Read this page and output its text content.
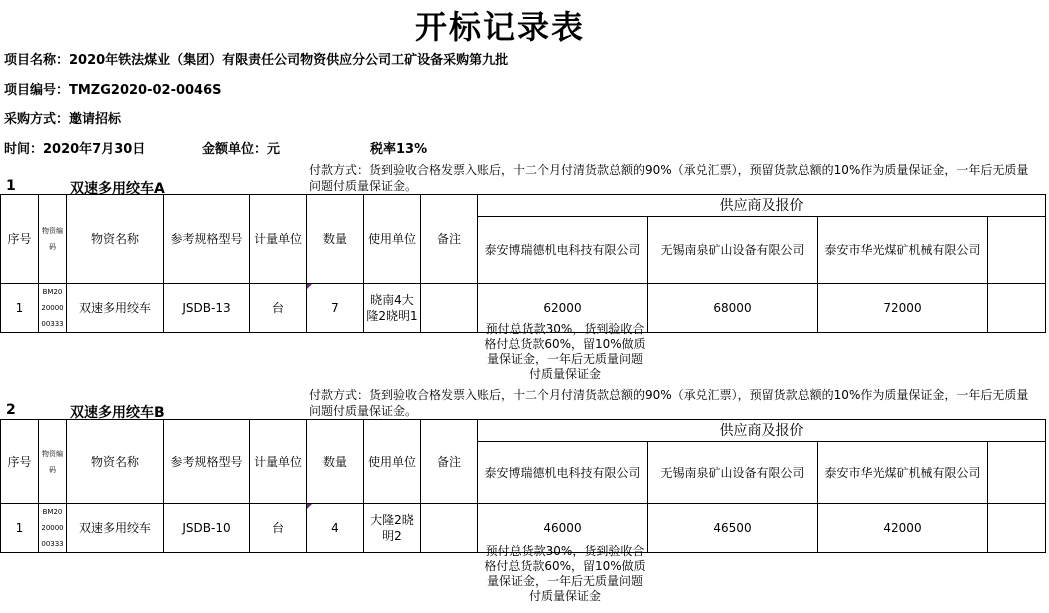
开标记录表
项目名称：2020年铁法煤业（集团）有限责任公司物资供应分公司工矿设备采购第九批
项目编号：TMZG2020-02-0046S
采购方式：邀请招标
时间：2020年7月30日	金额单位：元	税率13%
1	双速多用绞车A
付款方式：货到验收合格发票入账后，十二个月付清货款总额的90%（承兑汇票），预留货款总额的10%作为质量保证金，一年后无质量问题付质量保证金。
序号	物资编码	物资名称	参考规格型号	计量单位	数量	使用单位	备注	供应商及报价			
								泰安博瑞德机电科技有限公司	无锡南泉矿山设备有限公司	泰安市华光煤矿机械有限公司	
1	BM202000000333	双速多用绞车	JSDB-13	台	7	晓南4大隆2晓明1		62000	68000	72000	
预付总货款30%，货到验收合格付总货款60%，留10%做质量保证金，一年后无质量问题付质量保证金
2	双速多用绞车B
付款方式：货到验收合格发票入账后，十二个月付清货款总额的90%（承兑汇票），预留货款总额的10%作为质量保证金，一年后无质量问题付质量保证金。
序号	物资编码	物资名称	参考规格型号	计量单位	数量	使用单位	备注	供应商及报价			
								泰安博瑞德机电科技有限公司	无锡南泉矿山设备有限公司	泰安市华光煤矿机械有限公司	
1	BM202000000333	双速多用绞车	JSDB-10	台	4	大隆2晓明2		46000	46500	42000	
预付总货款30%，货到验收合格付总货款60%，留10%做质量保证金，一年后无质量问题付质量保证金
